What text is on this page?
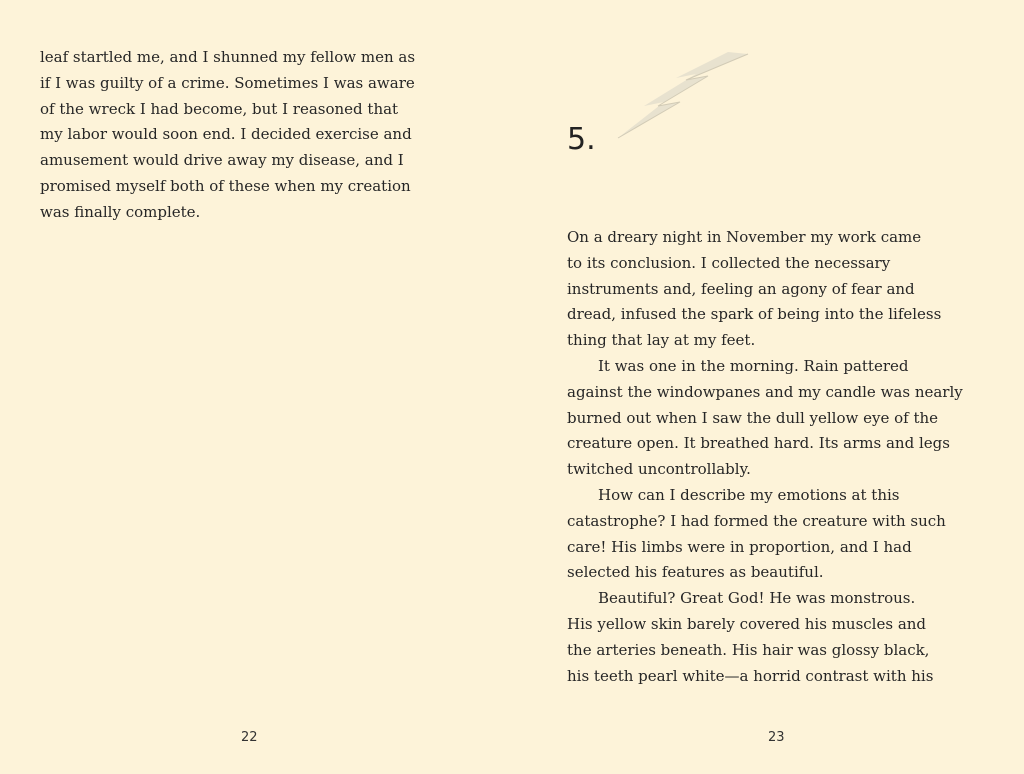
leaf startled me, and I shunned my fellow men as
if I was guilty of a crime. Sometimes I was aware
of the wreck I had become, but I reasoned that
my labor would soon end. I decided exercise and
amusement would drive away my disease, and I
promised myself both of these when my creation
was finally complete.
22
5.
On a dreary night in November my work came
to its conclusion. I collected the necessary
instruments and, feeling an agony of fear and
dread, infused the spark of being into the lifeless
thing that lay at my feet.
It was one in the morning. Rain pattered
against the windowpanes and my candle was nearly
burned out when I saw the dull yellow eye of the
creature open. It breathed hard. Its arms and legs
twitched uncontrollably.
How can I describe my emotions at this
catastrophe? I had formed the creature with such
care! His limbs were in proportion, and I had
selected his features as beautiful.
Beautiful? Great God! He was monstrous.
His yellow skin barely covered his muscles and
the arteries beneath. His hair was glossy black,
his teeth pearl white—a horrid contrast with his
23
